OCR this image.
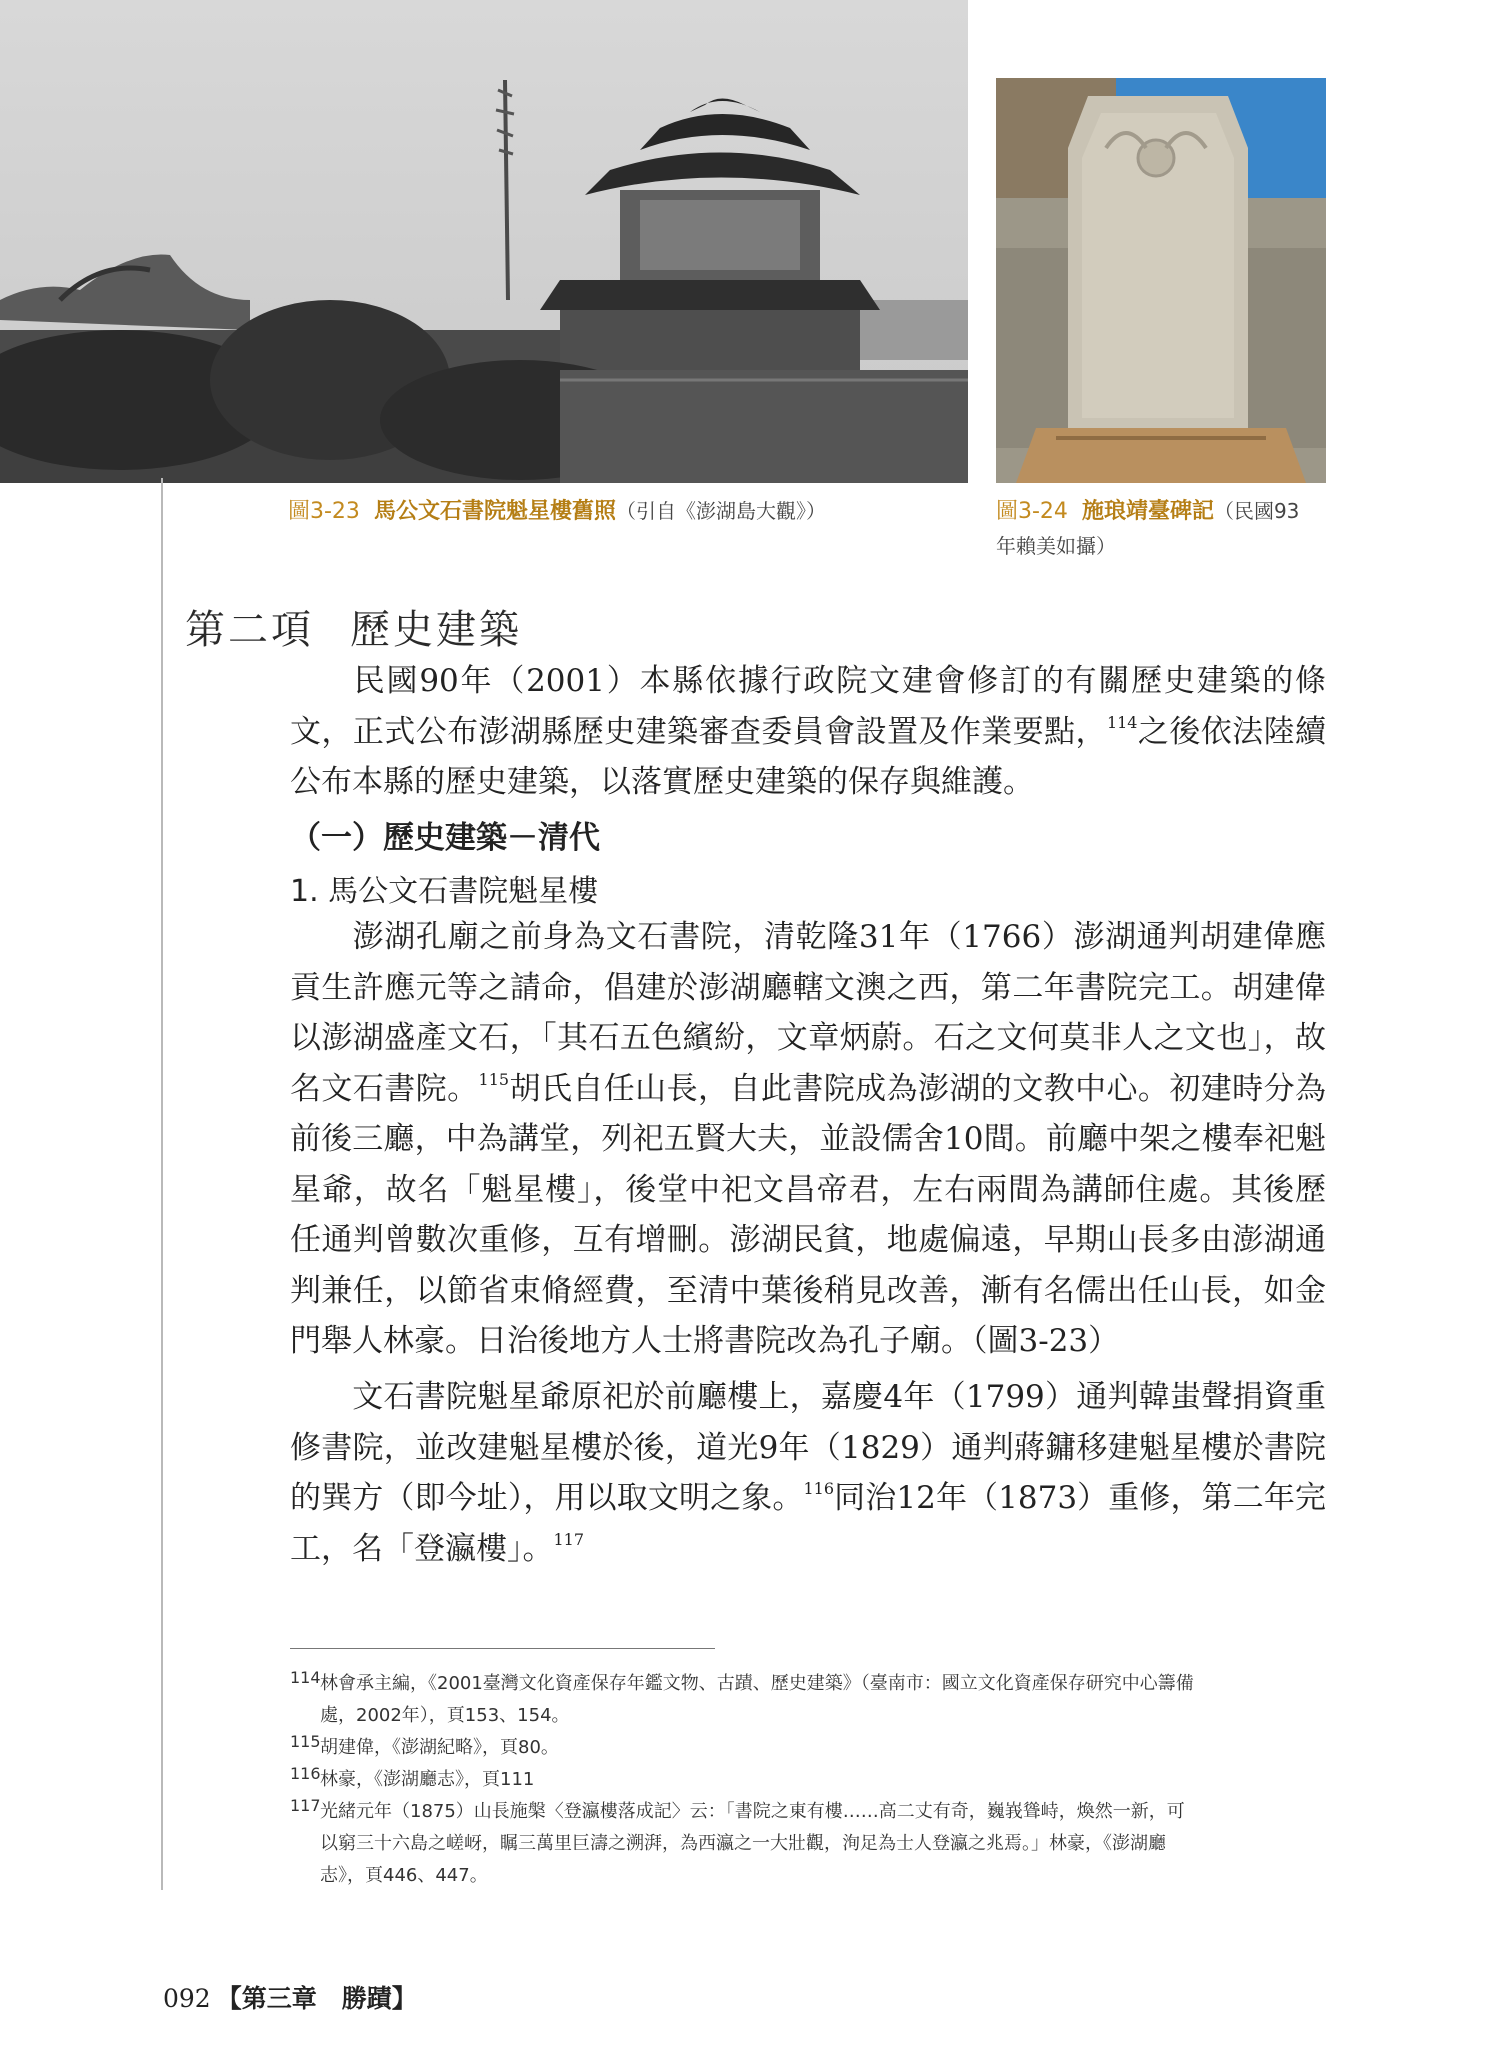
圖3-23 馬公文石書院魁星樓舊照（引自《澎湖島大觀》）	圖3-24 施琅靖臺碑記（民國93
年賴美如攝）
第二項 歷史建築

民國90年（2001）本縣依據行政院文建會修訂的有關歷史建築的條文，正式公布澎湖縣歷史建築審查委員會設置及作業要點，$^{114}$之後依法陸續公布本縣的歷史建築，以落實歷史建築的保存與維護。

（一）歷史建築－清代
1. 馬公文石書院魁星樓

澎湖孔廟之前身為文石書院，清乾隆31年（1766）澎湖通判胡建偉應貢生許應元等之請命，倡建於澎湖廳轄文澳之西，第二年書院完工。胡建偉以澎湖盛產文石，「其石五色繽紛，文章炳蔚。石之文何莫非人之文也」，故名文石書院。$^{115}$胡氏自任山長，自此書院成為澎湖的文教中心。初建時分為前後三廳，中為講堂，列祀五賢大夫，並設儒舍10間。前廳中架之樓奉祀魁星爺，故名「魁星樓」，後堂中祀文昌帝君，左右兩間為講師住處。其後歷任通判曾數次重修，互有增刪。澎湖民貧，地處偏遠，早期山長多由澎湖通判兼任，以節省束脩經費，至清中葉後稍見改善，漸有名儒出任山長，如金門舉人林豪。日治後地方人士將書院改為孔子廟。（圖3-23）

文石書院魁星爺原祀於前廳樓上，嘉慶4年（1799）通判韓蚩聲捐資重修書院，並改建魁星樓於後，道光9年（1829）通判蔣鏞移建魁星樓於書院的巽方（即今址），用以取文明之象。$^{116}$同治12年（1873）重修，第二年完工，名「登瀛樓」。$^{117}$

114林會承主編，《2001臺灣文化資產保存年鑑文物、古蹟、歷史建築》（臺南市：國立文化資產保存研究中心籌備
處，2002年），頁153、154。
115胡建偉，《澎湖紀略》，頁80。
116林豪，《澎湖廳志》，頁111
117光緒元年（1875）山長施槃〈登瀛樓落成記〉云：「書院之東有樓……高二丈有奇，巍峩聳峙，煥然一新，可
以窮三十六島之嵯岈，瞩三萬里巨濤之溯湃，為西瀛之一大壯觀，洵足為士人登瀛之兆焉。」林豪，《澎湖廳
志》，頁446、447。
092 【第三章　勝蹟】
